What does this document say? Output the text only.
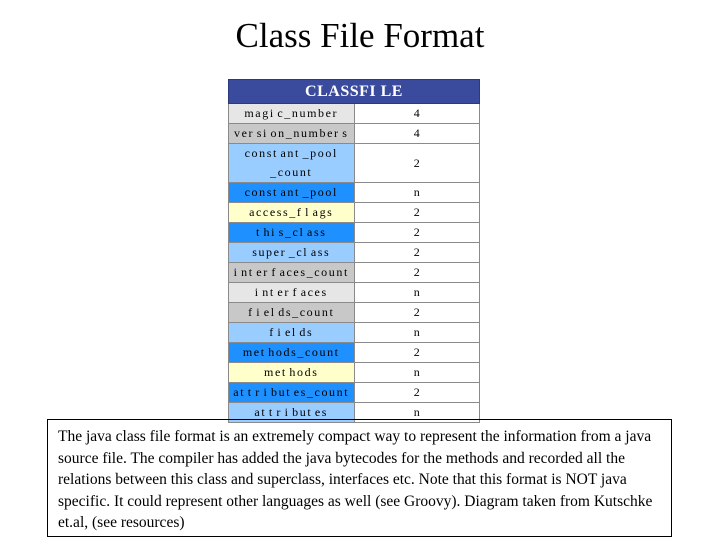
Class File Format
CLASSFI LE	
magi c_number	4
ver si on_number s	4
const ant _pool _count	2
const ant _pool	n
access_f l ags	2
t hi s_cl ass	2
super _cl ass	2
i nt er f aces_count	2
i nt er f aces	n
f i el ds_count	2
f i el ds	n
met hods_count	2
met hods	n
at t r i but es_count	2
at t r i but es	n
The java class file format is an extremely compact way to represent the information from a java source file. The compiler has added the java bytecodes for the methods and recorded all the relations between this class and superclass, interfaces etc. Note that this format is NOT java specific. It could represent other languages as well (see Groovy). Diagram taken from Kutschke et.al, (see resources)
